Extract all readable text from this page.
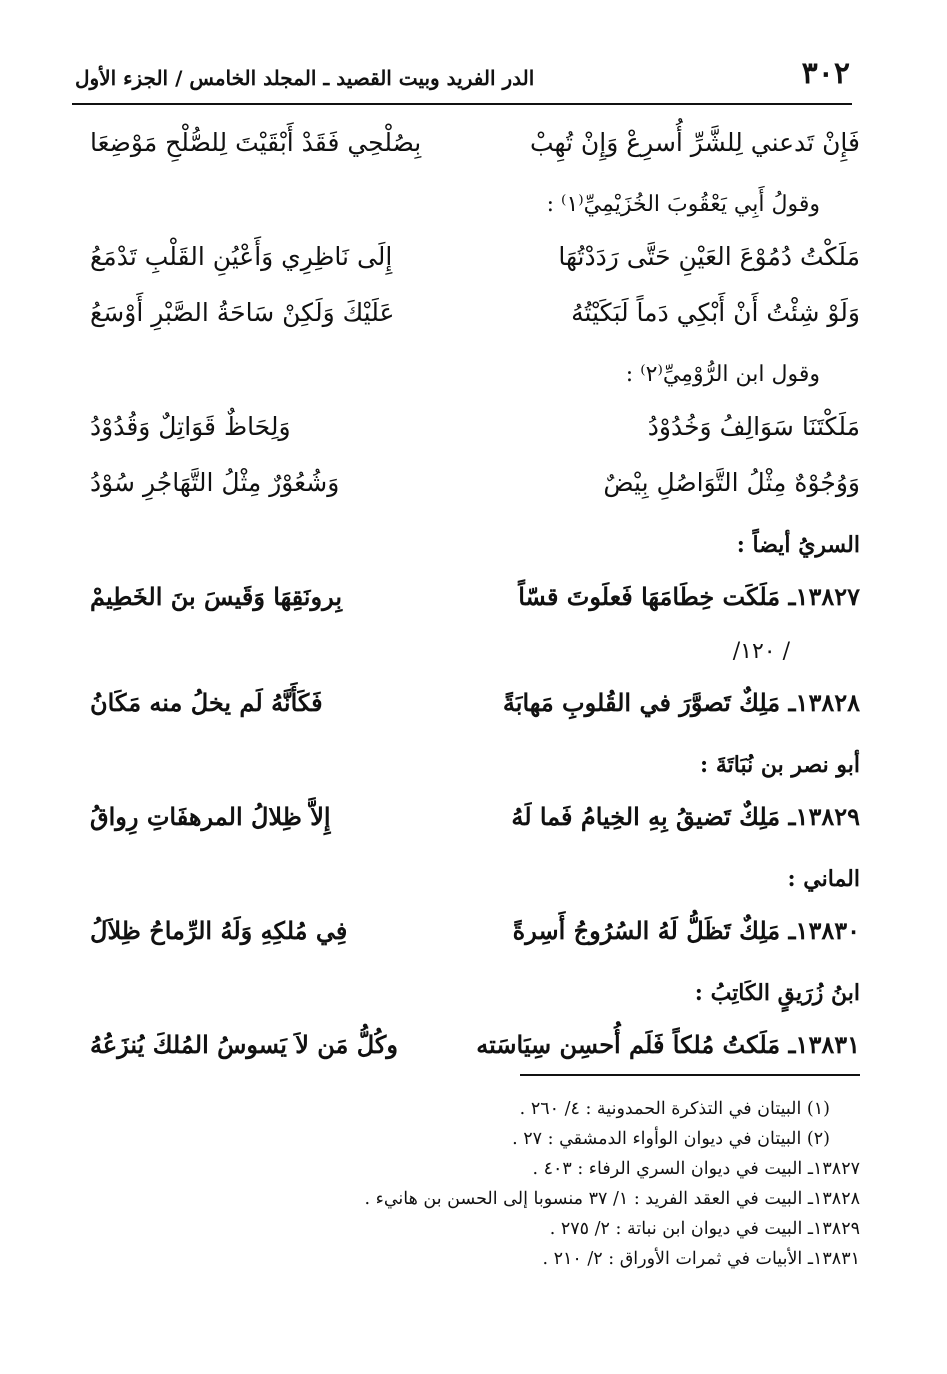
٣٠٢
الدر الفريد وبيت القصيد ـ المجلد الخامس / الجزء الأول
فَإِنْ تَدعني لِلشَّرِّ أُسرِعْ وَإِنْ تُهِبْ
بِصُلْحِي فَقَدْ أَبْقَيْتَ لِلصُّلْحِ مَوْضِعَا
وقولُ أَبِي يَعْقُوبَ الخُزَيْمِيِّ⁽١⁾ :
مَلَكْتُ دُمُوْعَ العَيْنِ حَتَّى رَدَدْتُهَا
إِلَى نَاظِرِي وَأَعْيُنِ القَلْبِ تَدْمَعُ
وَلَوْ شِئْتُ أَنْ أَبْكِي دَماً لَبَكَيْتُهُ
عَلَيْكَ وَلَكِنْ سَاحَةُ الصَّبْرِ أَوْسَعُ
وقول ابن الرُّوْمِيِّ⁽٢⁾ :
مَلَكْتَنَا سَوَالِفُ وَخُدُوْدُ
وَلِحَاظٌ قَوَاتِلٌ وَقُدُوْدُ
وَوُجُوْهٌ مِثْلُ التَّوَاصُلِ بِيْضٌ
وَشُعُوْرٌ مِثْلُ التَّهَاجُرِ سُوْدُ
السريُ أيضاً :
١٣٨٢٧ـ مَلَكَت خِطَامَهَا فَعلَوتَ قسّاً
بِرونَقِهَا وَقَيسَ بنَ الخَطِيمْ
/ ١٢٠/
١٣٨٢٨ـ مَلِكٌ تَصوَّرَ في القُلوبِ مَهابَةً
فَكَأَنَّهُ لَم يخلُ منه مَكَانُ
أبو نصر بن نُبَاتَةَ :
١٣٨٢٩ـ مَلِكٌ تَضيقُ بِهِ الخِيامُ فَما لَهُ
إِلاَّ ظِلالُ المرهفَاتِ رِواقُ
الماني :
١٣٨٣٠ـ مَلِكٌ تَظَلُّ لَهُ السُرُوجُ أَسِرةً
فِي مُلكِهِ وَلَهُ الرِّماحُ ظِلاَلُ
ابنُ زُرَيقٍ الكَاتِبُ :
١٣٨٣١ـ مَلَكتُ مُلكاً فَلَم أُحسِن سِيَاسَته
وكُلُّ مَن لاَ يَسوسُ المُلكَ يُنزَعُهُ
(١) البيتان في التذكرة الحمدونية : ٤/ ٢٦٠ .
(٢) البيتان في ديوان الوأواء الدمشقي : ٢٧ .
١٣٨٢٧ـ البيت في ديوان السري الرفاء : ٤٠٣ .
١٣٨٢٨ـ البيت في العقد الفريد : ١/ ٣٧ منسوبا إلى الحسن بن هانيء .
١٣٨٢٩ـ البيت في ديوان ابن نباتة : ٢/ ٢٧٥ .
١٣٨٣١ـ الأبيات في ثمرات الأوراق : ٢/ ٢١٠ .
